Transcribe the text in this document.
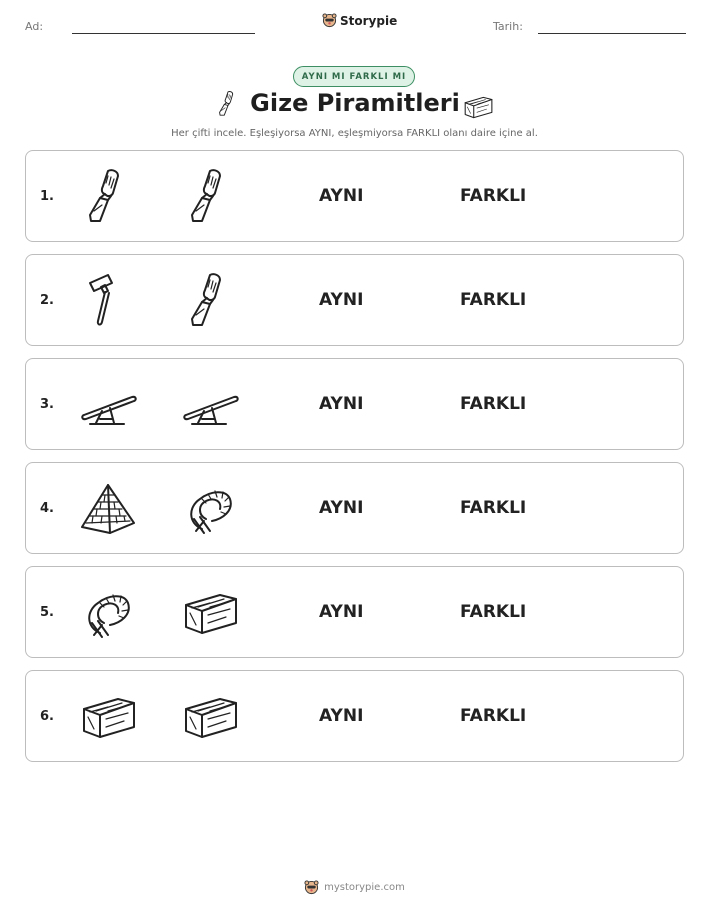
Ad:	Storypie	Tarih:
AYNI MI FARKLI MI
Gize Piramitleri
Her çifti incele. Eşleşiyorsa AYNI, eşleşmiyorsa FARKLI olanı daire içine al.
1.	AYNI	FARKLI
2.	AYNI	FARKLI
3.	AYNI	FARKLI
4.	AYNI	FARKLI
5.	AYNI	FARKLI
6.	AYNI	FARKLI
mystorypie.com
